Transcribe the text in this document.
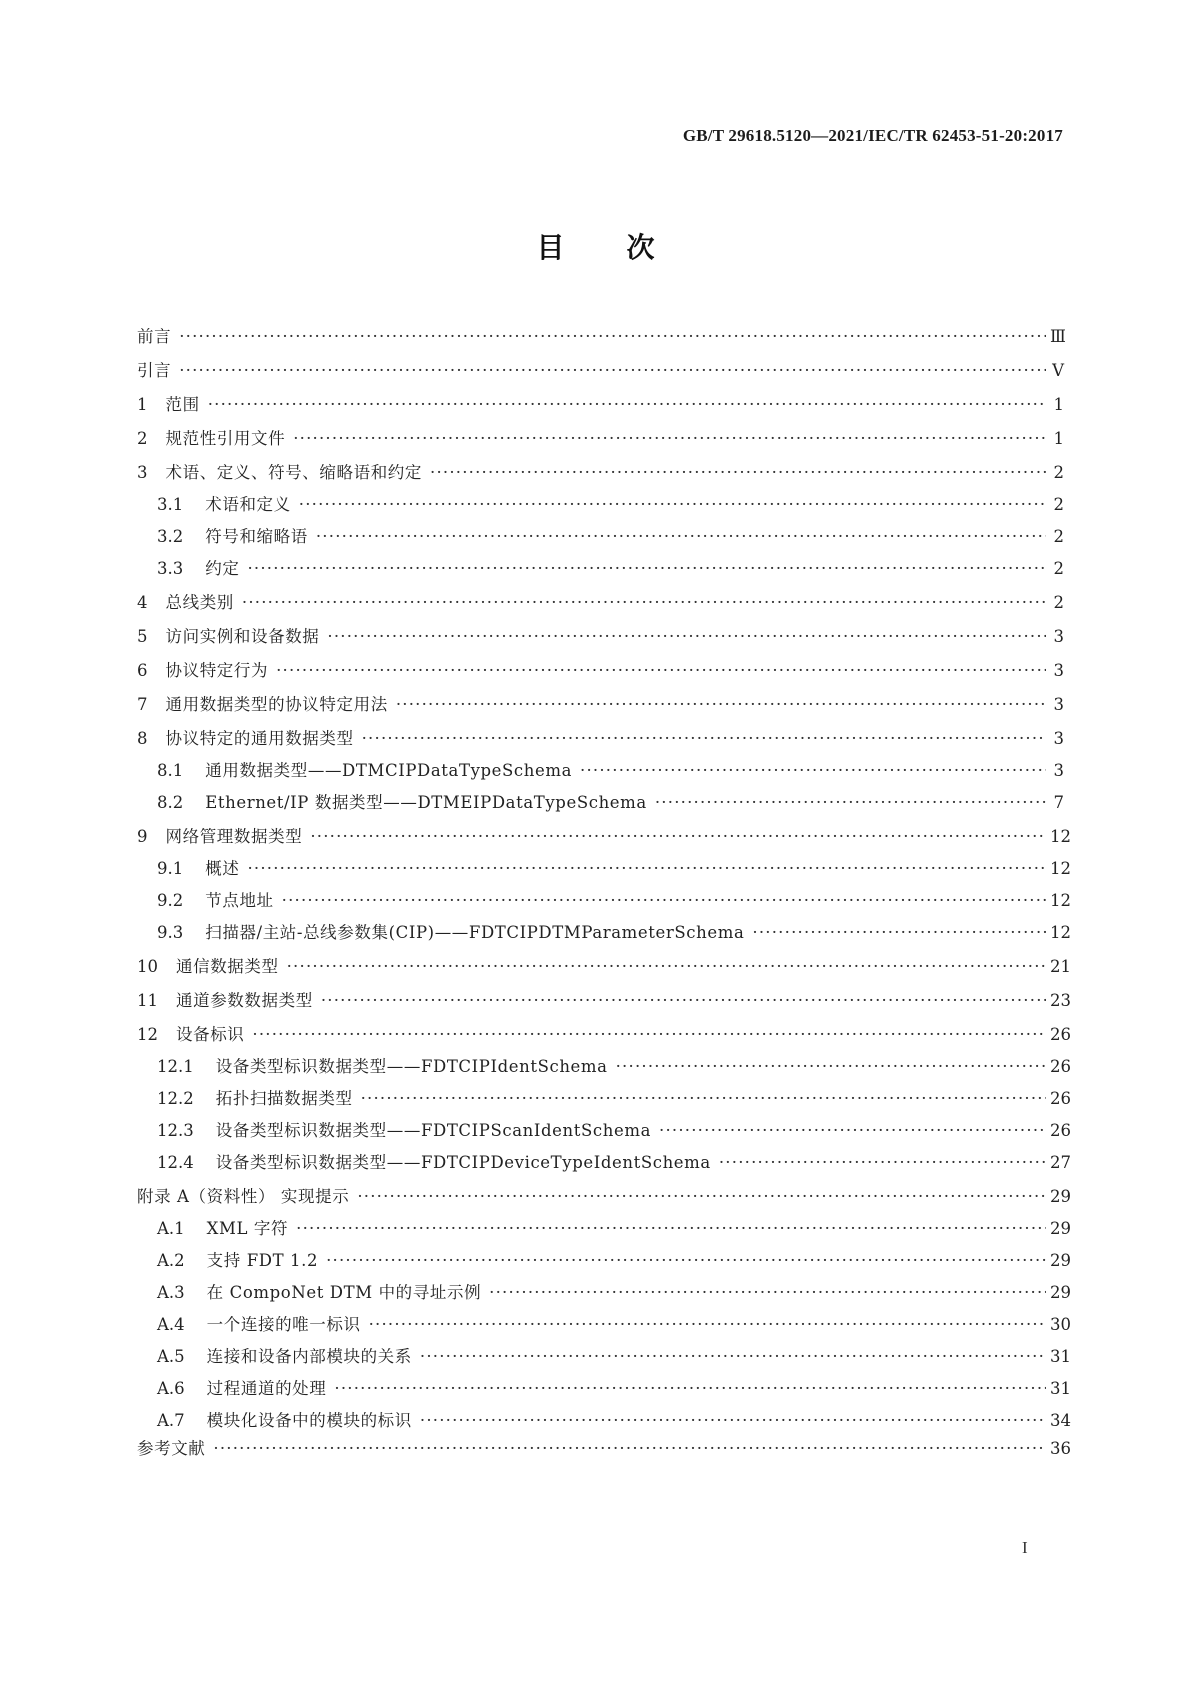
GB/T 29618.5120—2021/IEC/TR 62453-51-20:2017
目次
前言 ·····	Ⅲ
引言 ·····	Ⅴ
1 范围 ·····	1
2 规范性引用文件 ·····	1
3 术语、定义、符号、缩略语和约定 ·····	2
3.1 术语和定义 ·····	2
3.2 符号和缩略语 ·····	2
3.3 约定 ·····	2
4 总线类别 ·····	2
5 访问实例和设备数据 ·····	3
6 协议特定行为 ·····	3
7 通用数据类型的协议特定用法 ·····	3
8 协议特定的通用数据类型 ·····	3
8.1 通用数据类型——DTMCIPDataTypeSchema ·····	3
8.2 Ethernet/IP 数据类型——DTMEIPDataTypeSchema ·····	7
9 网络管理数据类型 ·····	12
9.1 概述 ·····	12
9.2 节点地址 ·····	12
9.3 扫描器/主站-总线参数集(CIP)——FDTCIPDTMParameterSchema ·····	12
10 通信数据类型 ·····	21
11 通道参数数据类型 ·····	23
12 设备标识 ·····	26
12.1 设备类型标识数据类型——FDTCIPIdentSchema ·····	26
12.2 拓扑扫描数据类型 ·····	26
12.3 设备类型标识数据类型——FDTCIPScanIdentSchema ·····	26
12.4 设备类型标识数据类型——FDTCIPDeviceTypeIdentSchema ·····	27
附录 A（资料性） 实现提示 ·····	29
A.1 XML 字符 ·····	29
A.2 支持 FDT 1.2 ·····	29
A.3 在 CompoNet DTM 中的寻址示例 ·····	29
A.4 一个连接的唯一标识 ·····	30
A.5 连接和设备内部模块的关系 ·····	31
A.6 过程通道的处理 ·····	31
A.7 模块化设备中的模块的标识 ·····	34
参考文献 ·····	36
I
